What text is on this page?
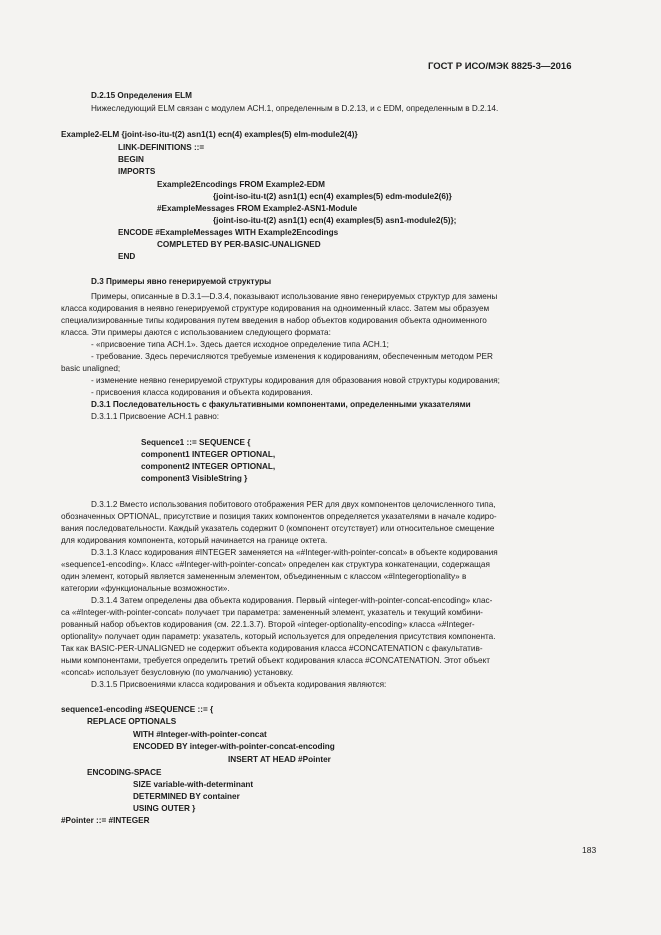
ГОСТ Р ИСО/МЭК 8825-3—2016
D.2.15 Определения ELM
Нижеследующий ELM связан с модулем АСН.1, определенным в D.2.13, и с EDM, определенным в D.2.14.
Example2-ELM {joint-iso-itu-t(2) asn1(1) ecn(4) examples(5) elm-module2(4)}
LINK-DEFINITIONS ::=
BEGIN
IMPORTS
Example2Encodings FROM Example2-EDM
{joint-iso-itu-t(2) asn1(1) ecn(4) examples(5) edm-module2(6)}
#ExampleMessages FROM Example2-ASN1-Module
{joint-iso-itu-t(2) asn1(1) ecn(4) examples(5) asn1-module2(5)};
ENCODE #ExampleMessages WITH Example2Encodings
COMPLETED BY PER-BASIC-UNALIGNED
END
D.3 Примеры явно генерируемой структуры
Примеры, описанные в D.3.1—D.3.4, показывают использование явно генерируемых структур для замены
класса кодирования в неявно генерируемой структуре кодирования на одноименный класс. Затем мы образуем
специализированные типы кодирования путем введения в набор объектов кодирования объекта одноименного
класса. Эти примеры даются с использованием следующего формата:
- «присвоение типа АСН.1». Здесь дается исходное определение типа АСН.1;
- требование. Здесь перечисляются требуемые изменения к кодированиям, обеспеченным методом PER
basic unaligned;
- изменение неявно генерируемой структуры кодирования для образования новой структуры кодирования;
- присвоения класса кодирования и объекта кодирования.
D.3.1 Последовательность с факультативными компонентами, определенными указателями
D.3.1.1 Присвоение АСН.1 равно:
Sequence1 ::= SEQUENCE {
component1 INTEGER OPTIONAL,
component2 INTEGER OPTIONAL,
component3 VisibleString }
D.3.1.2 Вместо использования побитового отображения PER для двух компонентов целочисленного типа,
обозначенных OPTIONAL, присутствие и позиция таких компонентов определяется указателями в начале кодиро-
вания последовательности. Каждый указатель содержит 0 (компонент отсутствует) или относительное смещение
для кодирования компонента, который начинается на границе октета.
D.3.1.3 Класс кодирования #INTEGER заменяется на «#Integer-with-pointer-concat» в объекте кодирования
«sequence1-encoding». Класс «#Integer-with-pointer-concat» определен как структура конкатенации, содержащая
один элемент, который является замененным элементом, объединенным с классом «#Integeroptionality» в
категории «функциональные возможности».
D.3.1.4 Затем определены два объекта кодирования. Первый «integer-with-pointer-concat-encoding» клас-
са «#Integer-with-pointer-concat» получает три параметра: замененный элемент, указатель и текущий комбини-
рованный набор объектов кодирования (см. 22.1.3.7). Второй «integer-optionality-encoding» класса «#Integer-
optionality» получает один параметр: указатель, который используется для определения присутствия компонента.
Так как BASIC-PER-UNALIGNED не содержит объекта кодирования класса #CONCATENATION с факультатив-
ными компонентами, требуется определить третий объект кодирования класса #CONCATENATION. Этот объект
«concat» использует безусловную (по умолчанию) установку.
D.3.1.5 Присвоениями класса кодирования и объекта кодирования являются:
sequence1-encoding #SEQUENCE ::= {
REPLACE OPTIONALS
WITH #Integer-with-pointer-concat
ENCODED BY integer-with-pointer-concat-encoding
INSERT AT HEAD #Pointer
ENCODING-SPACE
SIZE variable-with-determinant
DETERMINED BY container
USING OUTER }
#Pointer ::= #INTEGER
183
